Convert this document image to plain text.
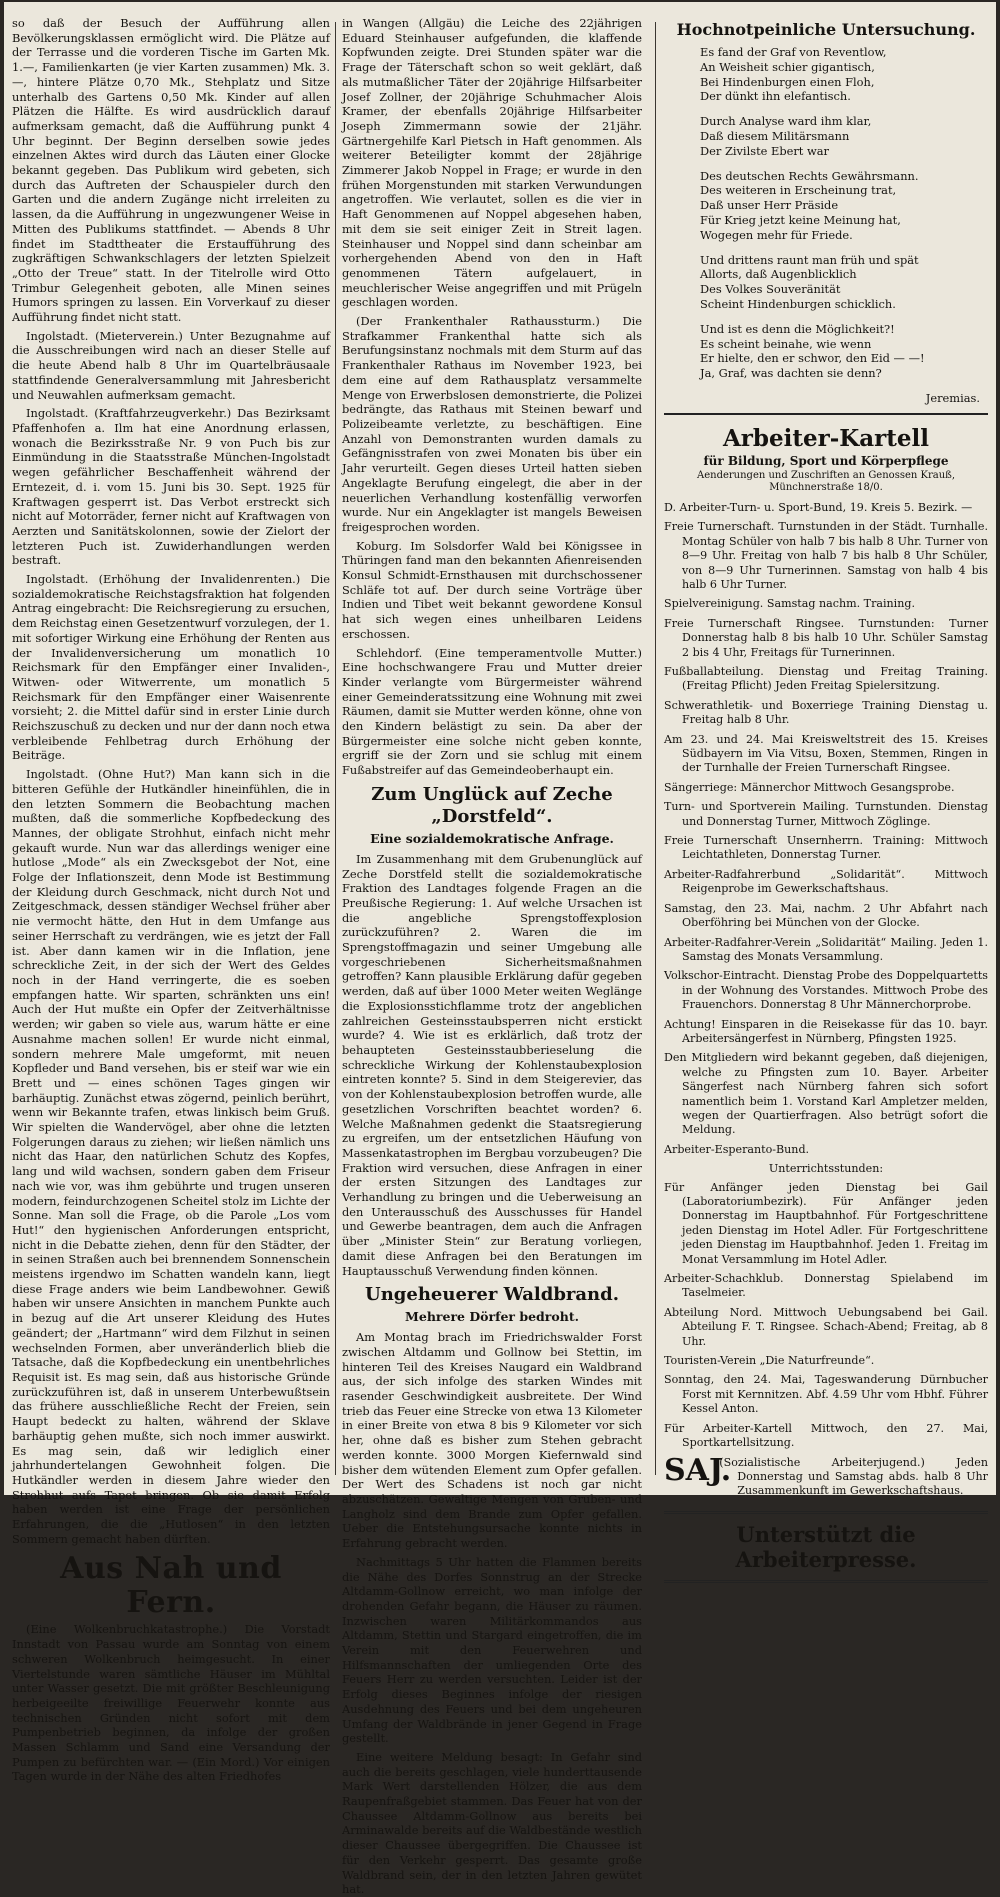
so daß der Besuch der Aufführung allen Bevölkerungsklassen ermöglicht wird. Die Plätze auf der Terrasse und die vorderen Tische im Garten Mk. 1.—, Familienkarten (je vier Karten zusammen) Mk. 3.—, hintere Plätze 0,70 Mk., Stehplatz und Sitze unterhalb des Gartens 0,50 Mk. Kinder auf allen Plätzen die Hälfte. Es wird ausdrücklich darauf aufmerksam gemacht, daß die Aufführung punkt 4 Uhr beginnt. Der Beginn derselben sowie jedes einzelnen Aktes wird durch das Läuten einer Glocke bekannt gegeben. Das Publikum wird gebeten, sich durch das Auftreten der Schauspieler durch den Garten und die andern Zugänge nicht irreleiten zu lassen, da die Aufführung in ungezwungener Weise in Mitten des Publikums stattfindet. — Abends 8 Uhr findet im Stadttheater die Erstaufführung des zugkräftigen Schwankschlagers der letzten Spielzeit „Otto der Treue“ statt. In der Titelrolle wird Otto Trimbur Gelegenheit geboten, alle Minen seines Humors springen zu lassen. Ein Vorverkauf zu dieser Aufführung findet nicht statt.

Ingolstadt. (Mieterverein.) Unter Bezugnahme auf die Ausschreibungen wird nach an dieser Stelle auf die heute Abend halb 8 Uhr im Quartelbräusaale stattfindende Generalversammlung mit Jahresbericht und Neuwahlen aufmerksam gemacht.

Ingolstadt. (Kraftfahrzeugverkehr.) Das Bezirksamt Pfaffenhofen a. Ilm hat eine Anordnung erlassen, wonach die Bezirksstraße Nr. 9 von Puch bis zur Einmündung in die Staatsstraße München-Ingolstadt wegen gefährlicher Beschaffenheit während der Erntezeit, d. i. vom 15. Juni bis 30. Sept. 1925 für Kraftwagen gesperrt ist. Das Verbot erstreckt sich nicht auf Motorräder, ferner nicht auf Kraftwagen von Aerzten und Sanitätskolonnen, sowie der Zielort der letzteren Puch ist. Zuwiderhandlungen werden bestraft.

Ingolstadt. (Erhöhung der Invalidenrenten.) Die sozialdemokratische Reichstagsfraktion hat folgenden Antrag eingebracht: Die Reichsregierung zu ersuchen, dem Reichstag einen Gesetzentwurf vorzulegen, der 1. mit sofortiger Wirkung eine Erhöhung der Renten aus der Invalidenversicherung um monatlich 10 Reichsmark für den Empfänger einer Invaliden-, Witwen- oder Witwerrente, um monatlich 5 Reichsmark für den Empfänger einer Waisenrente vorsieht; 2. die Mittel dafür sind in erster Linie durch Reichszuschuß zu decken und nur der dann noch etwa verbleibende Fehlbetrag durch Erhöhung der Beiträge.

Ingolstadt. (Ohne Hut?) Man kann sich in die bitteren Gefühle der Hutkändler hineinfühlen, die in den letzten Sommern die Beobachtung machen mußten, daß die sommerliche Kopfbedeckung des Mannes, der obligate Strohhut, einfach nicht mehr gekauft wurde. Nun war das allerdings weniger eine hutlose „Mode“ als ein Zwecksgebot der Not, eine Folge der Inflationszeit, denn Mode ist Bestimmung der Kleidung durch Geschmack, nicht durch Not und Zeitgeschmack, dessen ständiger Wechsel früher aber nie vermocht hätte, den Hut in dem Umfange aus seiner Herrschaft zu verdrängen, wie es jetzt der Fall ist. Aber dann kamen wir in die Inflation, jene schreckliche Zeit, in der sich der Wert des Geldes noch in der Hand verringerte, die es soeben empfangen hatte. Wir sparten, schränkten uns ein! Auch der Hut mußte ein Opfer der Zeitverhältnisse werden; wir gaben so viele aus, warum hätte er eine Ausnahme machen sollen! Er wurde nicht einmal, sondern mehrere Male umgeformt, mit neuen Kopfleder und Band versehen, bis er steif war wie ein Brett und — eines schönen Tages gingen wir barhäuptig. Zunächst etwas zögernd, peinlich berührt, wenn wir Bekannte trafen, etwas linkisch beim Gruß. Wir spielten die Wandervögel, aber ohne die letzten Folgerungen daraus zu ziehen; wir ließen nämlich uns nicht das Haar, den natürlichen Schutz des Kopfes, lang und wild wachsen, sondern gaben dem Friseur nach wie vor, was ihm gebührte und trugen unseren modern, feindurchzogenen Scheitel stolz im Lichte der Sonne. Man soll die Frage, ob die Parole „Los vom Hut!“ den hygienischen Anforderungen entspricht, nicht in die Debatte ziehen, denn für den Städter, der in seinen Straßen auch bei brennendem Sonnenschein meistens irgendwo im Schatten wandeln kann, liegt diese Frage anders wie beim Landbewohner. Gewiß haben wir unsere Ansichten in manchem Punkte auch in bezug auf die Art unserer Kleidung des Hutes geändert; der „Hartmann“ wird dem Filzhut in seinen wechselnden Formen, aber unveränderlich blieb die Tatsache, daß die Kopfbedeckung ein unentbehrliches Requisit ist. Es mag sein, daß aus historische Gründe zurückzuführen ist, daß in unserem Unterbewußtsein das frühere ausschließliche Recht der Freien, sein Haupt bedeckt zu halten, während der Sklave barhäuptig gehen mußte, sich noch immer auswirkt. Es mag sein, daß wir lediglich einer jahrhundertelangen Gewohnheit folgen. Die Hutkändler werden in diesem Jahre wieder den Strohhut aufs Tapet bringen. Ob sie damit Erfolg haben werden ist eine Frage der persönlichen Erfahrungen, die die „Hutlosen“ in den letzten Sommern gemacht haben dürften.

Aus Nah und Fern.

(Eine Wolkenbruchkatastrophe.) Die Vorstadt Innstadt von Passau wurde am Sonntag von einem schweren Wolkenbruch heimgesucht. In einer Viertelstunde waren sämtliche Häuser im Mühltal unter Wasser gesetzt. Die mit größter Beschleunigung herbeigeeilte freiwillige Feuerwehr konnte aus technischen Gründen nicht sofort mit dem Pumpenbetrieb beginnen, da infolge der großen Massen Schlamm und Sand eine Versandung der Pumpen zu befürchten war. — (Ein Mord.) Vor einigen Tagen wurde in der Nähe des alten Friedhofes

in Wangen (Allgäu) die Leiche des 22jährigen Eduard Steinhauser aufgefunden, die klaffende Kopfwunden zeigte. Drei Stunden später war die Frage der Täterschaft schon so weit geklärt, daß als mutmaßlicher Täter der 20jährige Hilfsarbeiter Josef Zollner, der 20jährige Schuhmacher Alois Kramer, der ebenfalls 20jährige Hilfsarbeiter Joseph Zimmermann sowie der 21jähr. Gärtnergehilfe Karl Pietsch in Haft genommen. Als weiterer Beteiligter kommt der 28jährige Zimmerer Jakob Noppel in Frage; er wurde in den frühen Morgenstunden mit starken Verwundungen angetroffen. Wie verlautet, sollen es die vier in Haft Genommenen auf Noppel abgesehen haben, mit dem sie seit einiger Zeit in Streit lagen. Steinhauser und Noppel sind dann scheinbar am vorhergehenden Abend von den in Haft genommenen Tätern aufgelauert, in meuchlerischer Weise angegriffen und mit Prügeln geschlagen worden.

(Der Frankenthaler Rathaussturm.) Die Strafkammer Frankenthal hatte sich als Berufungsinstanz nochmals mit dem Sturm auf das Frankenthaler Rathaus im November 1923, bei dem eine auf dem Rathausplatz versammelte Menge von Erwerbslosen demonstrierte, die Polizei bedrängte, das Rathaus mit Steinen bewarf und Polizeibeamte verletzte, zu beschäftigen. Eine Anzahl von Demonstranten wurden damals zu Gefängnisstrafen von zwei Monaten bis über ein Jahr verurteilt. Gegen dieses Urteil hatten sieben Angeklagte Berufung eingelegt, die aber in der neuerlichen Verhandlung kostenfällig verworfen wurde. Nur ein Angeklagter ist mangels Beweisen freigesprochen worden.

Koburg. Im Solsdorfer Wald bei Königssee in Thüringen fand man den bekannten Afienreisenden Konsul Schmidt-Ernsthausen mit durchschossener Schläfe tot auf. Der durch seine Vorträge über Indien und Tibet weit bekannt gewordene Konsul hat sich wegen eines unheilbaren Leidens erschossen.

Schlehdorf. (Eine temperamentvolle Mutter.) Eine hochschwangere Frau und Mutter dreier Kinder verlangte vom Bürgermeister während einer Gemeinderatssitzung eine Wohnung mit zwei Räumen, damit sie Mutter werden könne, ohne von den Kindern belästigt zu sein. Da aber der Bürgermeister eine solche nicht geben konnte, ergriff sie der Zorn und sie schlug mit einem Fußabstreifer auf das Gemeindeoberhaupt ein.

Zum Unglück auf Zeche „Dorstfeld“.
Eine sozialdemokratische Anfrage.

Im Zusammenhang mit dem Grubenunglück auf Zeche Dorstfeld stellt die sozialdemokratische Fraktion des Landtages folgende Fragen an die Preußische Regierung: 1. Auf welche Ursachen ist die angebliche Sprengstoffexplosion zurückzuführen? 2. Waren die im Sprengstoffmagazin und seiner Umgebung alle vorgeschriebenen Sicherheitsmaßnahmen getroffen? Kann plausible Erklärung dafür gegeben werden, daß auf über 1000 Meter weiten Weglänge die Explosionsstichflamme trotz der angeblichen zahlreichen Gesteinsstaubsperren nicht erstickt wurde? 4. Wie ist es erklärlich, daß trotz der behaupteten Gesteinsstaubberieselung die schreckliche Wirkung der Kohlenstaubexplosion eintreten konnte? 5. Sind in dem Steigerevier, das von der Kohlenstaubexplosion betroffen wurde, alle gesetzlichen Vorschriften beachtet worden? 6. Welche Maßnahmen gedenkt die Staatsregierung zu ergreifen, um der entsetzlichen Häufung von Massenkatastrophen im Bergbau vorzubeugen? Die Fraktion wird versuchen, diese Anfragen in einer der ersten Sitzungen des Landtages zur Verhandlung zu bringen und die Ueberweisung an den Unterausschuß des Ausschusses für Handel und Gewerbe beantragen, dem auch die Anfragen über „Minister Stein“ zur Beratung vorliegen, damit diese Anfragen bei den Beratungen im Hauptausschuß Verwendung finden können.

Ungeheuerer Waldbrand.
Mehrere Dörfer bedroht.

Am Montag brach im Friedrichswalder Forst zwischen Altdamm und Gollnow bei Stettin, im hinteren Teil des Kreises Naugard ein Waldbrand aus, der sich infolge des starken Windes mit rasender Geschwindigkeit ausbreitete. Der Wind trieb das Feuer eine Strecke von etwa 13 Kilometer in einer Breite von etwa 8 bis 9 Kilometer vor sich her, ohne daß es bisher zum Stehen gebracht werden konnte. 3000 Morgen Kiefernwald sind bisher dem wütenden Element zum Opfer gefallen. Der Wert des Schadens ist noch gar nicht abzuschätzen. Gewaltige Mengen von Gruben- und Langholz sind dem Brande zum Opfer gefallen. Ueber die Entstehungsursache konnte nichts in Erfahrung gebracht werden.

Nachmittags 5 Uhr hatten die Flammen bereits die Nähe des Dorfes Sonnstrug an der Strecke Altdamm-Gollnow erreicht, wo man infolge der drohenden Gefahr begann, die Häuser zu räumen. Inzwischen waren Militärkommandos aus Altdamm, Stettin und Stargard eingetroffen, die im Verein mit den Feuerwehren und Hilfsmannschaften der umliegenden Orte des Feuers Herr zu werden versuchten. Leider ist der Erfolg dieses Beginnes infolge der riesigen Ausdehnung des Feuers und bei dem ungeheuren Umfang der Waldbrände in jener Gegend in Frage gestellt.

Eine weitere Meldung besagt: In Gefahr sind auch die bereits geschlagen, viele hunderttausende Mark Wert darstellenden Hölzer, die aus dem Raupenfraßgebiet stammen. Das Feuer hat von der Chaussee Altdamm-Gollnow aus bereits bei Arminawalde bereits auf die Waldbestände westlich dieser Chaussee übergegriffen. Die Chaussee ist für den Verkehr gesperrt. Das gesamte große Waldbrand sein, der in den letzten Jahren gewütet hat.

Hochnotpeinliche Untersuchung.
Es fand der Graf von Reventlow,
An Weisheit schier gigantisch,
Bei Hindenburgen einen Floh,
Der dünkt ihn elefantisch.
Durch Analyse ward ihm klar,
Daß diesem Militärsmann
Der Zivilste Ebert war
Des deutschen Rechts Gewährsmann.
Des weiteren in Erscheinung trat,
Daß unser Herr Präside
Für Krieg jetzt keine Meinung hat,
Wogegen mehr für Friede.
Und drittens raunt man früh und spät
Allorts, daß Augenblicklich
Des Volkes Souveränität
Scheint Hindenburgen schicklich.
Und ist es denn die Möglichkeit?!
Es scheint beinahe, wie wenn
Er hielte, den er schwor, den Eid — —!
Ja, Graf, was dachten sie denn?
Jeremias.
Arbeiter-Kartell
für Bildung, Sport und Körperpflege
Aenderungen und Zuschriften an Genossen Krauß, Münchnerstraße 18/0.
D. Arbeiter-Turn- u. Sport-Bund, 19. Kreis 5. Bezirk. —
Freie Turnerschaft. Turnstunden in der Städt. Turnhalle. Montag Schüler von halb 7 bis halb 8 Uhr. Turner von 8—9 Uhr. Freitag von halb 7 bis halb 8 Uhr Schüler, von 8—9 Uhr Turnerinnen. Samstag von halb 4 bis halb 6 Uhr Turner.
Spielvereinigung. Samstag nachm. Training.
Freie Turnerschaft Ringsee. Turnstunden: Turner Donnerstag halb 8 bis halb 10 Uhr. Schüler Samstag 2 bis 4 Uhr, Freitags für Turnerinnen.
Fußballabteilung. Dienstag und Freitag Training. (Freitag Pflicht) Jeden Freitag Spielersitzung.
Schwerathletik- und Boxerriege Training Dienstag u. Freitag halb 8 Uhr.
Am 23. und 24. Mai Kreisweltstreit des 15. Kreises Südbayern im Via Vitsu, Boxen, Stemmen, Ringen in der Turnhalle der Freien Turnerschaft Ringsee.
Sängerriege: Männerchor Mittwoch Gesangsprobe.
Turn- und Sportverein Mailing. Turnstunden. Dienstag und Donnerstag Turner, Mittwoch Zöglinge.
Freie Turnerschaft Unsernherrn. Training: Mittwoch Leichtathleten, Donnerstag Turner.
Arbeiter-Radfahrerbund „Solidarität“. Mittwoch Reigenprobe im Gewerkschaftshaus.
Samstag, den 23. Mai, nachm. 2 Uhr Abfahrt nach Oberföhring bei München von der Glocke.
Arbeiter-Radfahrer-Verein „Solidarität“ Mailing. Jeden 1. Samstag des Monats Versammlung.
Volkschor-Eintracht. Dienstag Probe des Doppelquartetts in der Wohnung des Vorstandes. Mittwoch Probe des Frauenchors. Donnerstag 8 Uhr Männerchorprobe.
Achtung! Einsparen in die Reisekasse für das 10. bayr. Arbeitersängerfest in Nürnberg, Pfingsten 1925.
Den Mitgliedern wird bekannt gegeben, daß diejenigen, welche zu Pfingsten zum 10. Bayer. Arbeiter Sängerfest nach Nürnberg fahren sich sofort namentlich beim 1. Vorstand Karl Ampletzer melden, wegen der Quartierfragen. Also betrügt sofort die Meldung.
Arbeiter-Esperanto-Bund.
Unterrichtsstunden:
Für Anfänger jeden Dienstag bei Gail (Laboratoriumbezirk). Für Anfänger jeden Donnerstag im Hauptbahnhof. Für Fortgeschrittene jeden Dienstag im Hotel Adler. Für Fortgeschrittene jeden Dienstag im Hauptbahnhof. Jeden 1. Freitag im Monat Versammlung im Hotel Adler.
Arbeiter-Schachklub. Donnerstag Spielabend im Taselmeier.
Abteilung Nord. Mittwoch Uebungsabend bei Gail. Abteilung F. T. Ringsee. Schach-Abend; Freitag, ab 8 Uhr.
Touristen-Verein „Die Naturfreunde“.
Sonntag, den 24. Mai, Tageswanderung Dürnbucher Forst mit Kernnitzen. Abf. 4.59 Uhr vom Hbhf. Führer Kessel Anton.
Für Arbeiter-Kartell Mittwoch, den 27. Mai, Sportkartellsitzung.
SAJ.
(Sozialistische Arbeiterjugend.) Jeden Donnerstag und Samstag abds. halb 8 Uhr Zusammenkunft im Gewerkschaftshaus.
Unterstützt die Arbeiterpresse.
